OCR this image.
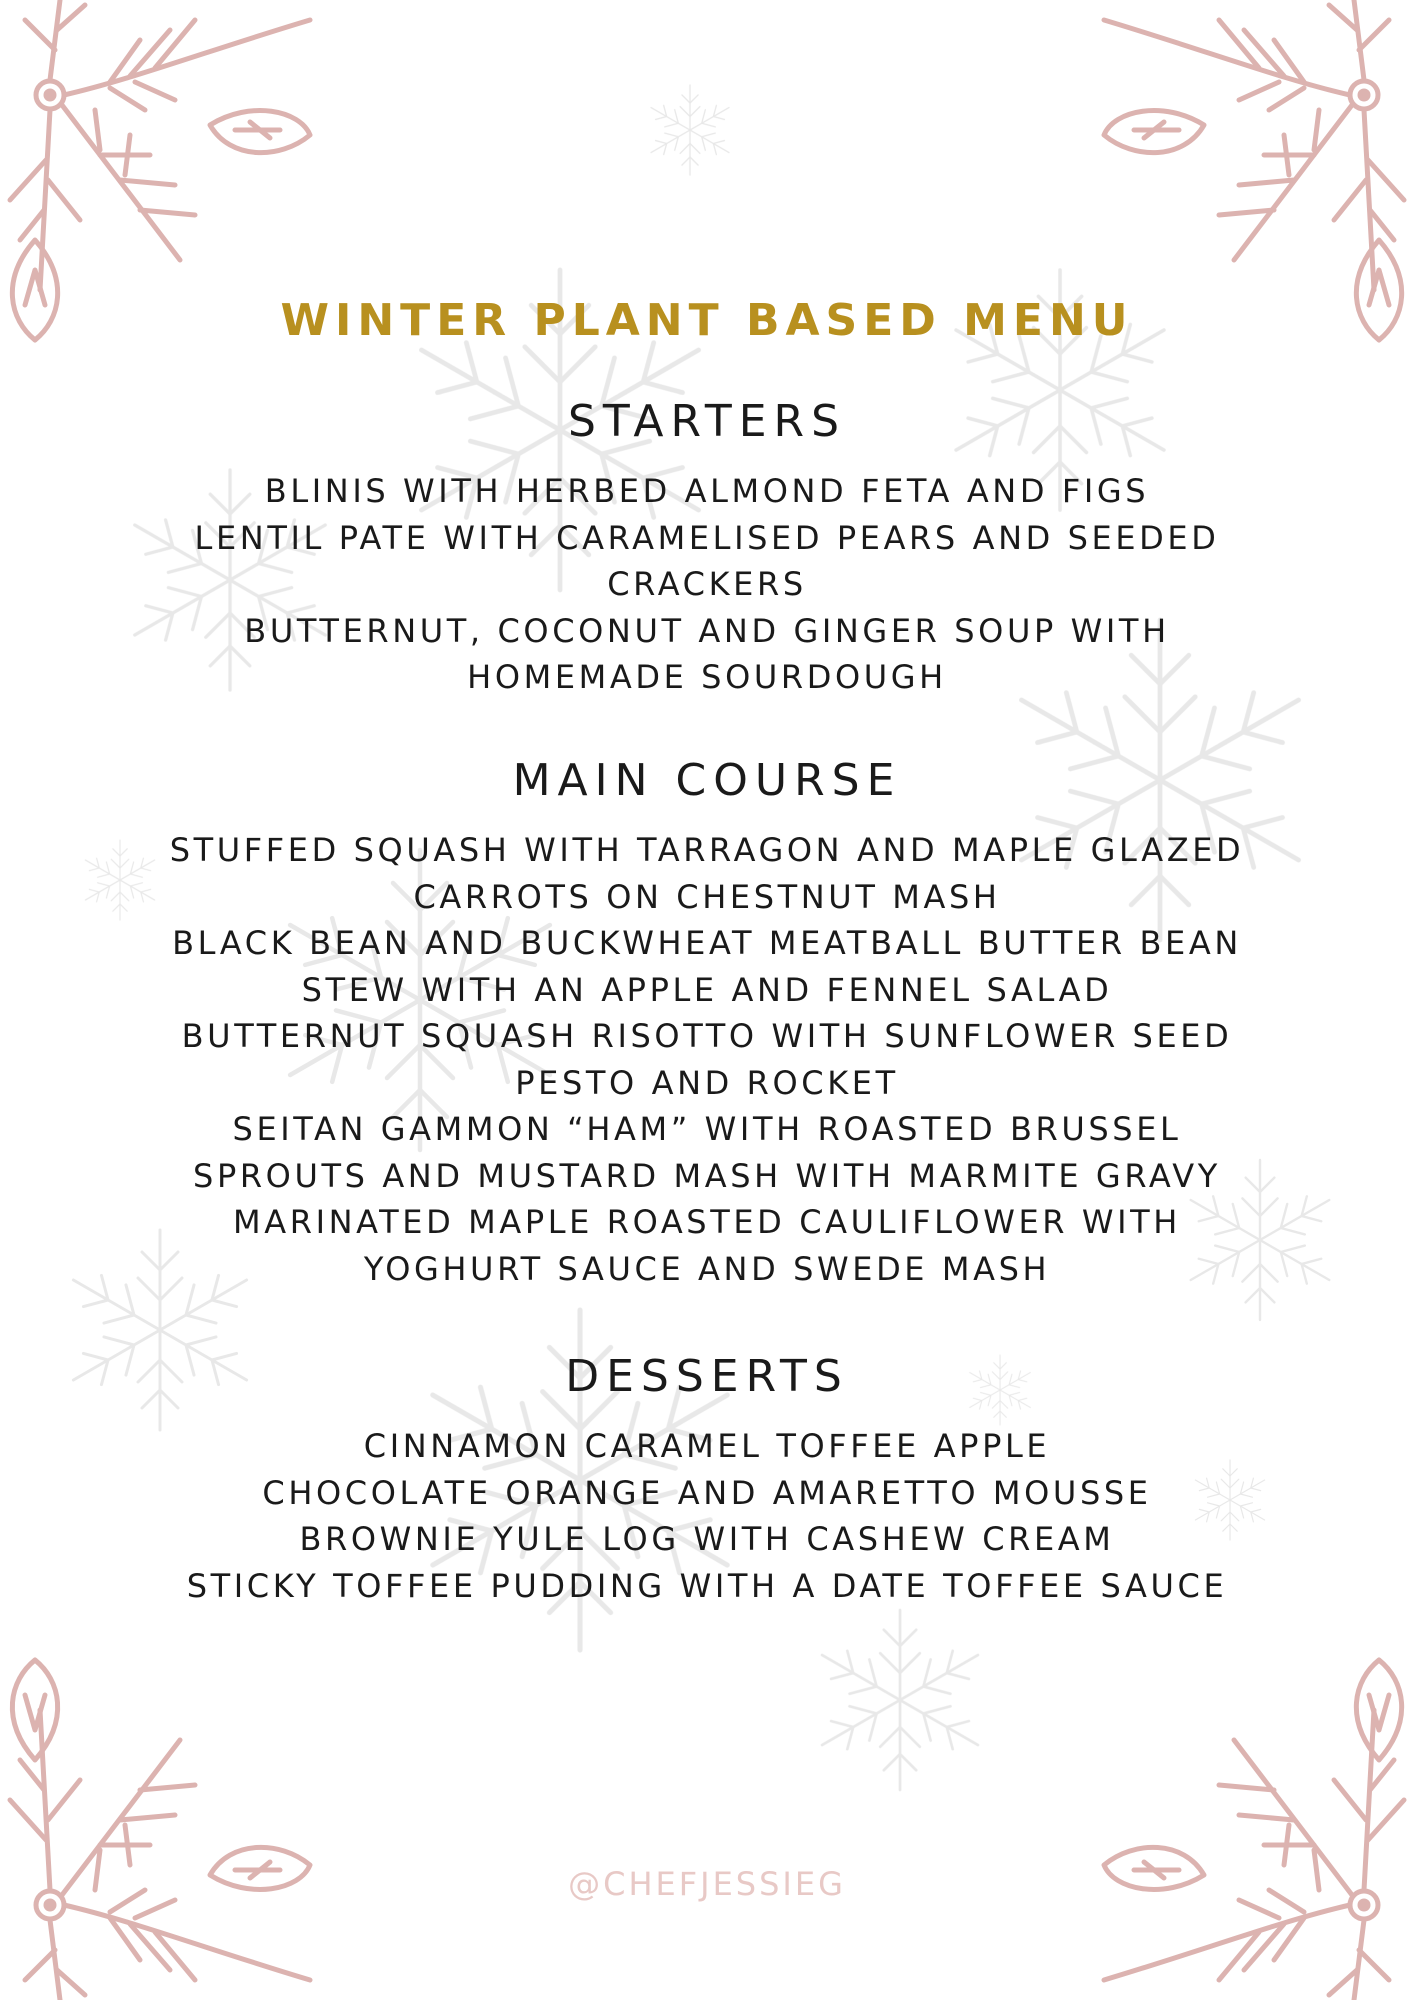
WINTER PLANT BASED MENU
STARTERS
BLINIS WITH HERBED ALMOND FETA AND FIGS
LENTIL PATE WITH CARAMELISED PEARS AND SEEDED CRACKERS
BUTTERNUT, COCONUT AND GINGER SOUP WITH HOMEMADE SOURDOUGH
MAIN COURSE
STUFFED SQUASH WITH TARRAGON AND MAPLE GLAZED CARROTS ON CHESTNUT MASH
BLACK BEAN AND BUCKWHEAT MEATBALL BUTTER BEAN STEW WITH AN APPLE AND FENNEL SALAD
BUTTERNUT SQUASH RISOTTO WITH SUNFLOWER SEED PESTO AND ROCKET
SEITAN GAMMON “HAM” WITH ROASTED BRUSSEL SPROUTS AND MUSTARD MASH WITH MARMITE GRAVY
MARINATED MAPLE ROASTED CAULIFLOWER WITH YOGHURT SAUCE AND SWEDE MASH
DESSERTS
CINNAMON CARAMEL TOFFEE APPLE
CHOCOLATE ORANGE AND AMARETTO MOUSSE
BROWNIE YULE LOG WITH CASHEW CREAM
STICKY TOFFEE PUDDING WITH A DATE TOFFEE SAUCE
@CHEFJESSIEG
